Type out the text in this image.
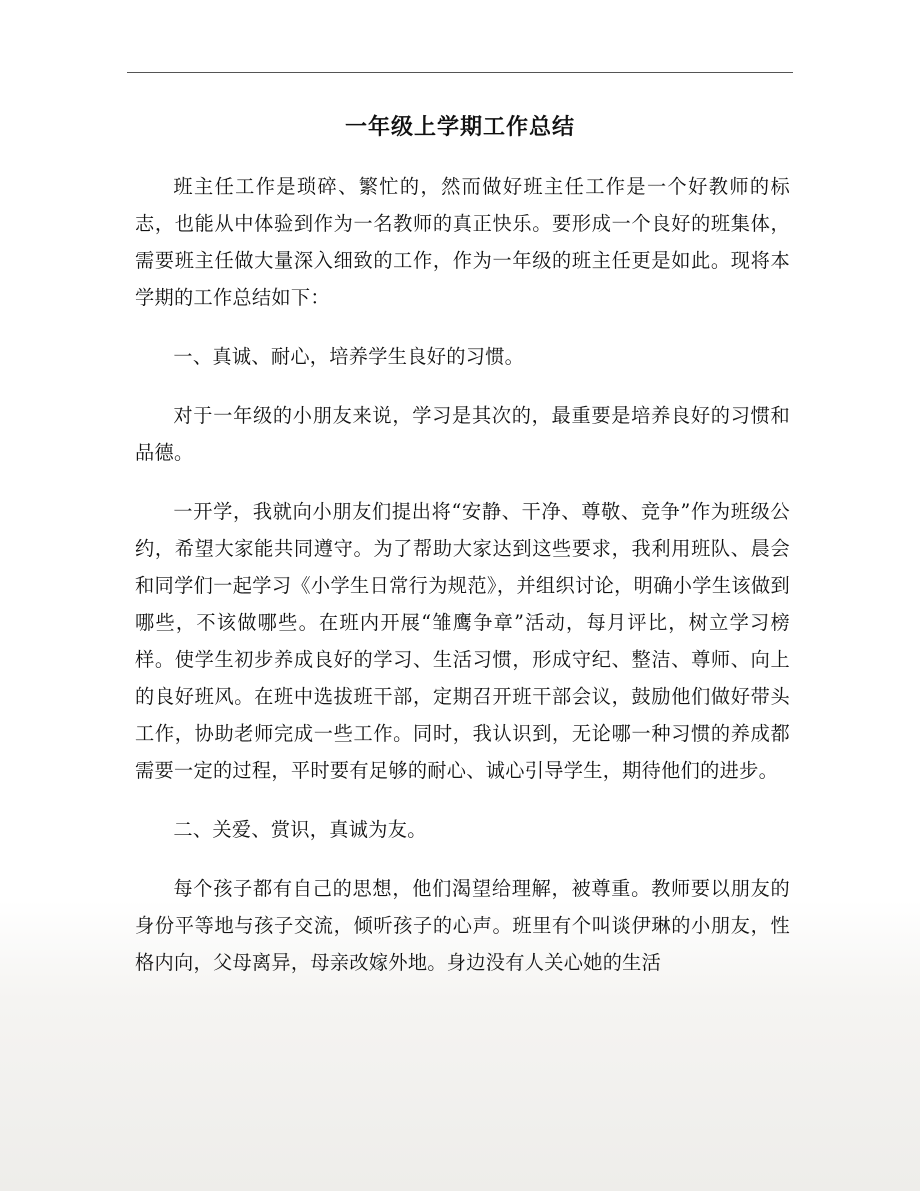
一年级上学期工作总结

班主任工作是琐碎、繁忙的，然而做好班主任工作是一个好教师的标志，也能从中体验到作为一名教师的真正快乐。要形成一个良好的班集体，需要班主任做大量深入细致的工作，作为一年级的班主任更是如此。现将本学期的工作总结如下：

一、真诚、耐心，培养学生良好的习惯。

对于一年级的小朋友来说，学习是其次的，最重要是培养良好的习惯和品德。

一开学，我就向小朋友们提出将“安静、干净、尊敬、竞争”作为班级公约，希望大家能共同遵守。为了帮助大家达到这些要求，我利用班队、晨会和同学们一起学习《小学生日常行为规范》，并组织讨论，明确小学生该做到哪些，不该做哪些。在班内开展“雏鹰争章”活动，每月评比，树立学习榜样。使学生初步养成良好的学习、生活习惯，形成守纪、整洁、尊师、向上的良好班风。在班中选拔班干部，定期召开班干部会议，鼓励他们做好带头工作，协助老师完成一些工作。同时，我认识到，无论哪一种习惯的养成都需要一定的过程，平时要有足够的耐心、诚心引导学生，期待他们的进步。

二、关爱、赏识，真诚为友。

每个孩子都有自己的思想，他们渴望给理解，被尊重。教师要以朋友的身份平等地与孩子交流，倾听孩子的心声。班里有个叫谈伊琳的小朋友，性格内向，父母离异，母亲改嫁外地。身边没有人关心她的生活
